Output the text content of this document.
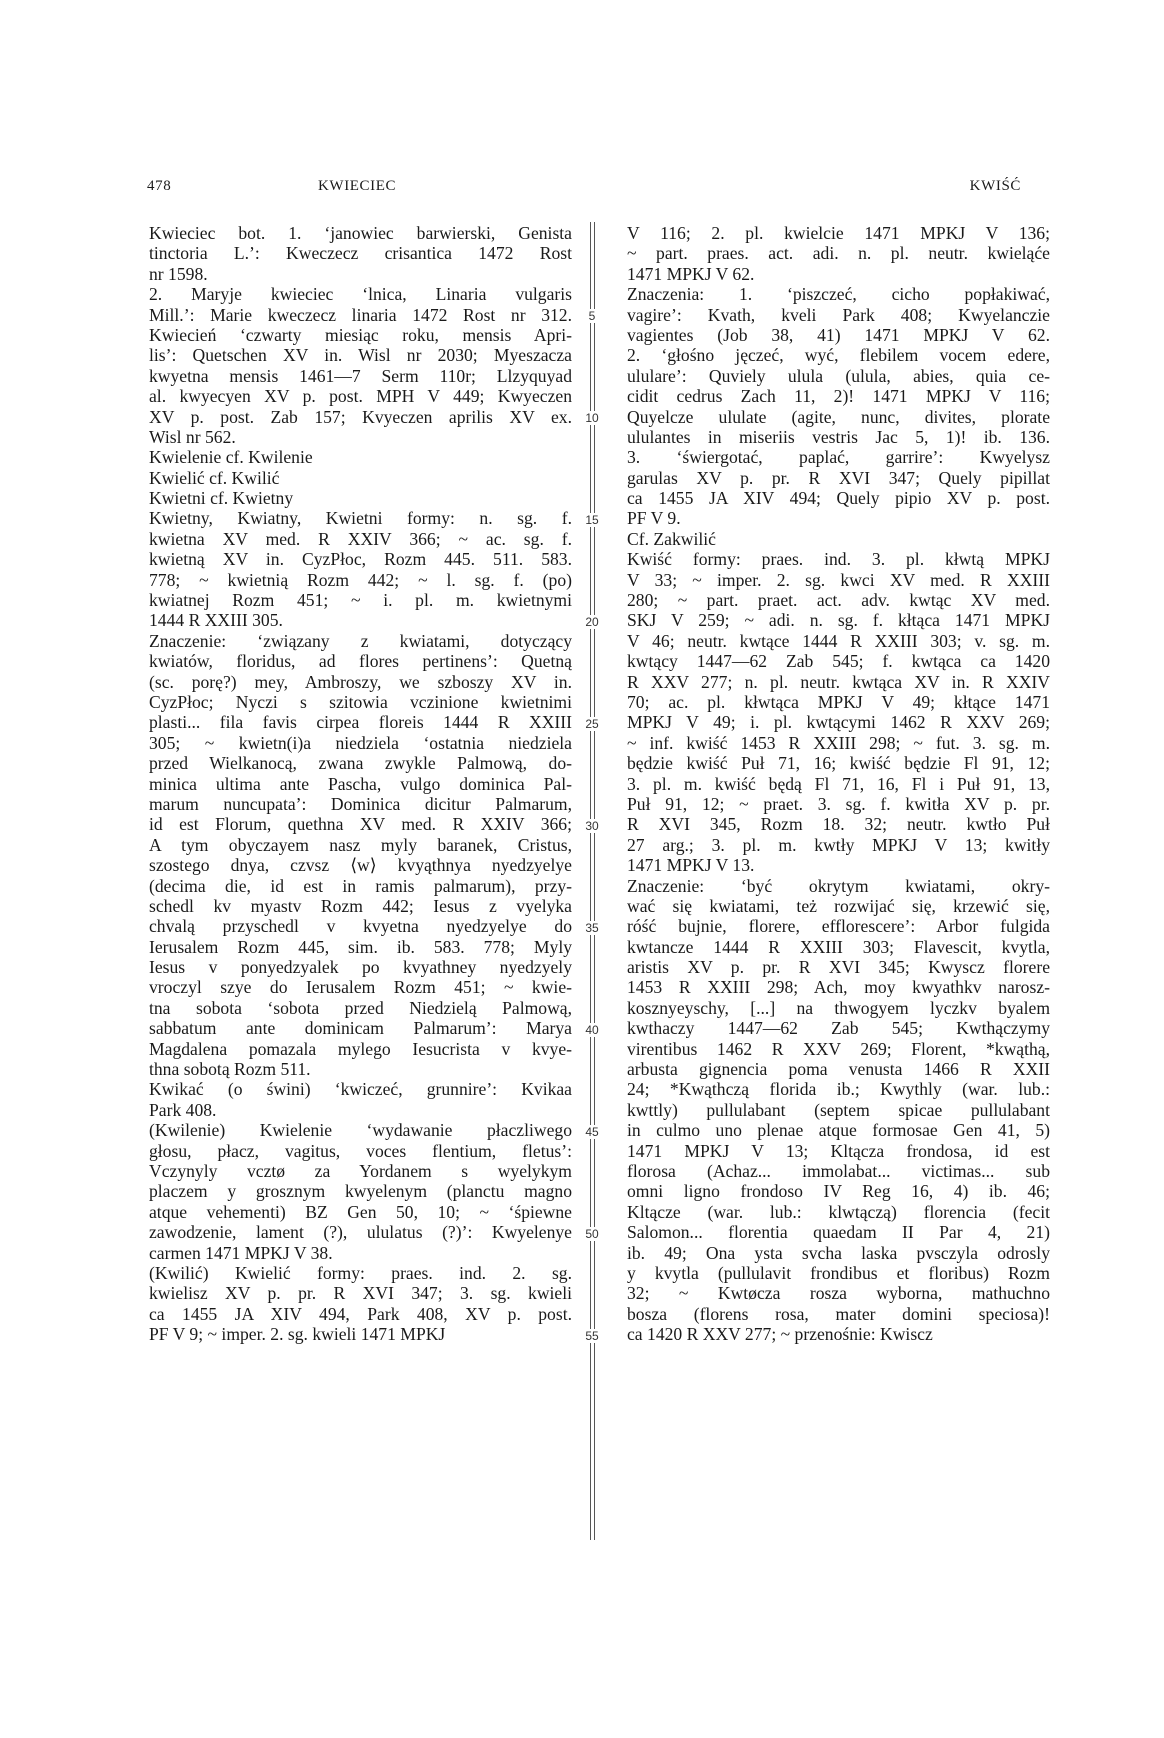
478	KWIECIEC	KWIŚĆ
Kwieciec bot. 1. ‘janowiec barwierski, Genista
tinctoria L.’: Kweczecz crisantica 1472 Rost
nr 1598.
2. Maryje kwieciec ‘lnica, Linaria vulgaris
Mill.’: Marie kweczecz linaria 1472 Rost nr 312.
Kwiecień ‘czwarty miesiąc roku, mensis Apri-
lis’: Quetschen XV in. Wisl nr 2030; Myeszacza
kwyetna mensis 1461—7 Serm 110r; Llzyquyad
al. kwyecyen XV p. post. MPH V 449; Kwyeczen
XV p. post. Zab 157; Kvyeczen aprilis XV ex.
Wisl nr 562.
Kwielenie cf. Kwilenie
Kwielić cf. Kwilić
Kwietni cf. Kwietny
Kwietny, Kwiatny, Kwietni formy: n. sg. f.
kwietna XV med. R XXIV 366; ~ ac. sg. f.
kwietną XV in. CyzPłoc, Rozm 445. 511. 583.
778; ~ kwietnią Rozm 442; ~ l. sg. f. (po)
kwiatnej Rozm 451; ~ i. pl. m. kwietnymi
1444 R XXIII 305.
Znaczenie: ‘związany z kwiatami, dotyczący
kwiatów, floridus, ad flores pertinens’: Quetną
(sc. porę?) mey, Ambroszy, we szboszy XV in.
CyzPłoc; Nyczi s szitowia vczinione kwietnimi
plasti... fila favis cirpea floreis 1444 R XXIII
305; ~ kwietn(i)a niedziela ‘ostatnia niedziela
przed Wielkanocą, zwana zwykle Palmową, do-
minica ultima ante Pascha, vulgo dominica Pal-
marum nuncupata’: Dominica dicitur Palmarum,
id est Florum, quethna XV med. R XXIV 366;
A tym obyczayem nasz myly baranek, Cristus,
szostego dnya, czvsz ⟨w⟩ kvyąthnya nyedzyelye
(decima die, id est in ramis palmarum), przy-
schedl kv myastv Rozm 442; Iesus z vyelyka
chvalą przyschedl v kvyetna nyedzyelye do
Ierusalem Rozm 445, sim. ib. 583. 778; Myly
Iesus v ponyedzyalek po kvyathney nyedzyely
vroczyl szye do Ierusalem Rozm 451; ~ kwie-
tna sobota ‘sobota przed Niedzielą Palmową,
sabbatum ante dominicam Palmarum’: Marya
Magdalena pomazala mylego Iesucrista v kvye-
thna sobotą Rozm 511.
Kwikać (o świni) ‘kwiczeć, grunnire’: Kvikaa
Park 408.
(Kwilenie) Kwielenie ‘wydawanie płaczliwego
głosu, płacz, vagitus, voces flentium, fletus’:
Vczynyly vcztø za Yordanem s wyelykym
placzem y grosznym kwyelenym (planctu magno
atque vehementi) BZ Gen 50, 10; ~ ‘śpiewne
zawodzenie, lament (?), ululatus (?)’: Kwyelenye
carmen 1471 MPKJ V 38.
(Kwilić) Kwielić formy: praes. ind. 2. sg.
kwielisz XV p. pr. R XVI 347; 3. sg. kwieli
ca 1455 JA XIV 494, Park 408, XV p. post.
PF V 9; ~ imper. 2. sg. kwieli 1471 MPKJ
5
10
15
20
25
30
35
40
45
50
55
V 116; 2. pl. kwielcie 1471 MPKJ V 136;
~ part. praes. act. adi. n. pl. neutr. kwieląće
1471 MPKJ V 62.
Znaczenia: 1. ‘piszczeć, cicho popłakiwać,
vagire’: Kvath, kveli Park 408; Kwyelanczie
vagientes (Job 38, 41) 1471 MPKJ V 62.
2. ‘głośno jęczeć, wyć, flebilem vocem edere,
ululare’: Quviely ulula (ulula, abies, quia ce-
cidit cedrus Zach 11, 2)! 1471 MPKJ V 116;
Quyelcze ululate (agite, nunc, divites, plorate
ululantes in miseriis vestris Jac 5, 1)! ib. 136.
3. ‘świergotać, paplać, garrire’: Kwyelysz
garulas XV p. pr. R XVI 347; Quely pipillat
ca 1455 JA XIV 494; Quely pipio XV p. post.
PF V 9.
Cf. Zakwilić
Kwiść formy: praes. ind. 3. pl. kłwtą MPKJ
V 33; ~ imper. 2. sg. kwci XV med. R XXIII
280; ~ part. praet. act. adv. kwtąc XV med.
SKJ V 259; ~ adi. n. sg. f. kłtąca 1471 MPKJ
V 46; neutr. kwtące 1444 R XXIII 303; v. sg. m.
kwtący 1447—62 Zab 545; f. kwtąca ca 1420
R XXV 277; n. pl. neutr. kwtąca XV in. R XXIV
70; ac. pl. kłwtąca MPKJ V 49; kłtące 1471
MPKJ V 49; i. pl. kwtącymi 1462 R XXV 269;
~ inf. kwiść 1453 R XXIII 298; ~ fut. 3. sg. m.
będzie kwiść Puł 71, 16; kwiść będzie Fl 91, 12;
3. pl. m. kwiść będą Fl 71, 16, Fl i Puł 91, 13,
Puł 91, 12; ~ praet. 3. sg. f. kwitła XV p. pr.
R XVI 345, Rozm 18. 32; neutr. kwtło Puł
27 arg.; 3. pl. m. kwtły MPKJ V 13; kwitły
1471 MPKJ V 13.
Znaczenie: ‘być okrytym kwiatami, okry-
wać się kwiatami, też rozwijać się, krzewić się,
róść bujnie, florere, efflorescere’: Arbor fulgida
kwtancze 1444 R XXIII 303; Flavescit, kvytla,
aristis XV p. pr. R XVI 345; Kwyscz florere
1453 R XXIII 298; Ach, moy kwyathkv narosz-
kosznyeyschy, [...] na thwogyem lyczkv byalem
kwthaczy 1447—62 Zab 545; Kwthączymy
virentibus 1462 R XXV 269; Florent, *kwąthą,
arbusta gignencia poma venusta 1466 R XXII
24; *Kwąthczą florida ib.; Kwythly (war. lub.:
kwttly) pullulabant (septem spicae pullulabant
in culmo uno plenae atque formosae Gen 41, 5)
1471 MPKJ V 13; Kltącza frondosa, id est
florosa (Achaz... immolabat... victimas... sub
omni ligno frondoso IV Reg 16, 4) ib. 46;
Kltącze (war. lub.: klwtączą) florencia (fecit
Salomon... florentia quaedam II Par 4, 21)
ib. 49; Ona ysta svcha laska pvsczyla odrosly
y kvytla (pullulavit frondibus et floribus) Rozm
32; ~ Kwtøcza rosza wyborna, mathuchno
bosza (florens rosa, mater domini speciosa)!
ca 1420 R XXV 277; ~ przenośnie: Kwiscz
